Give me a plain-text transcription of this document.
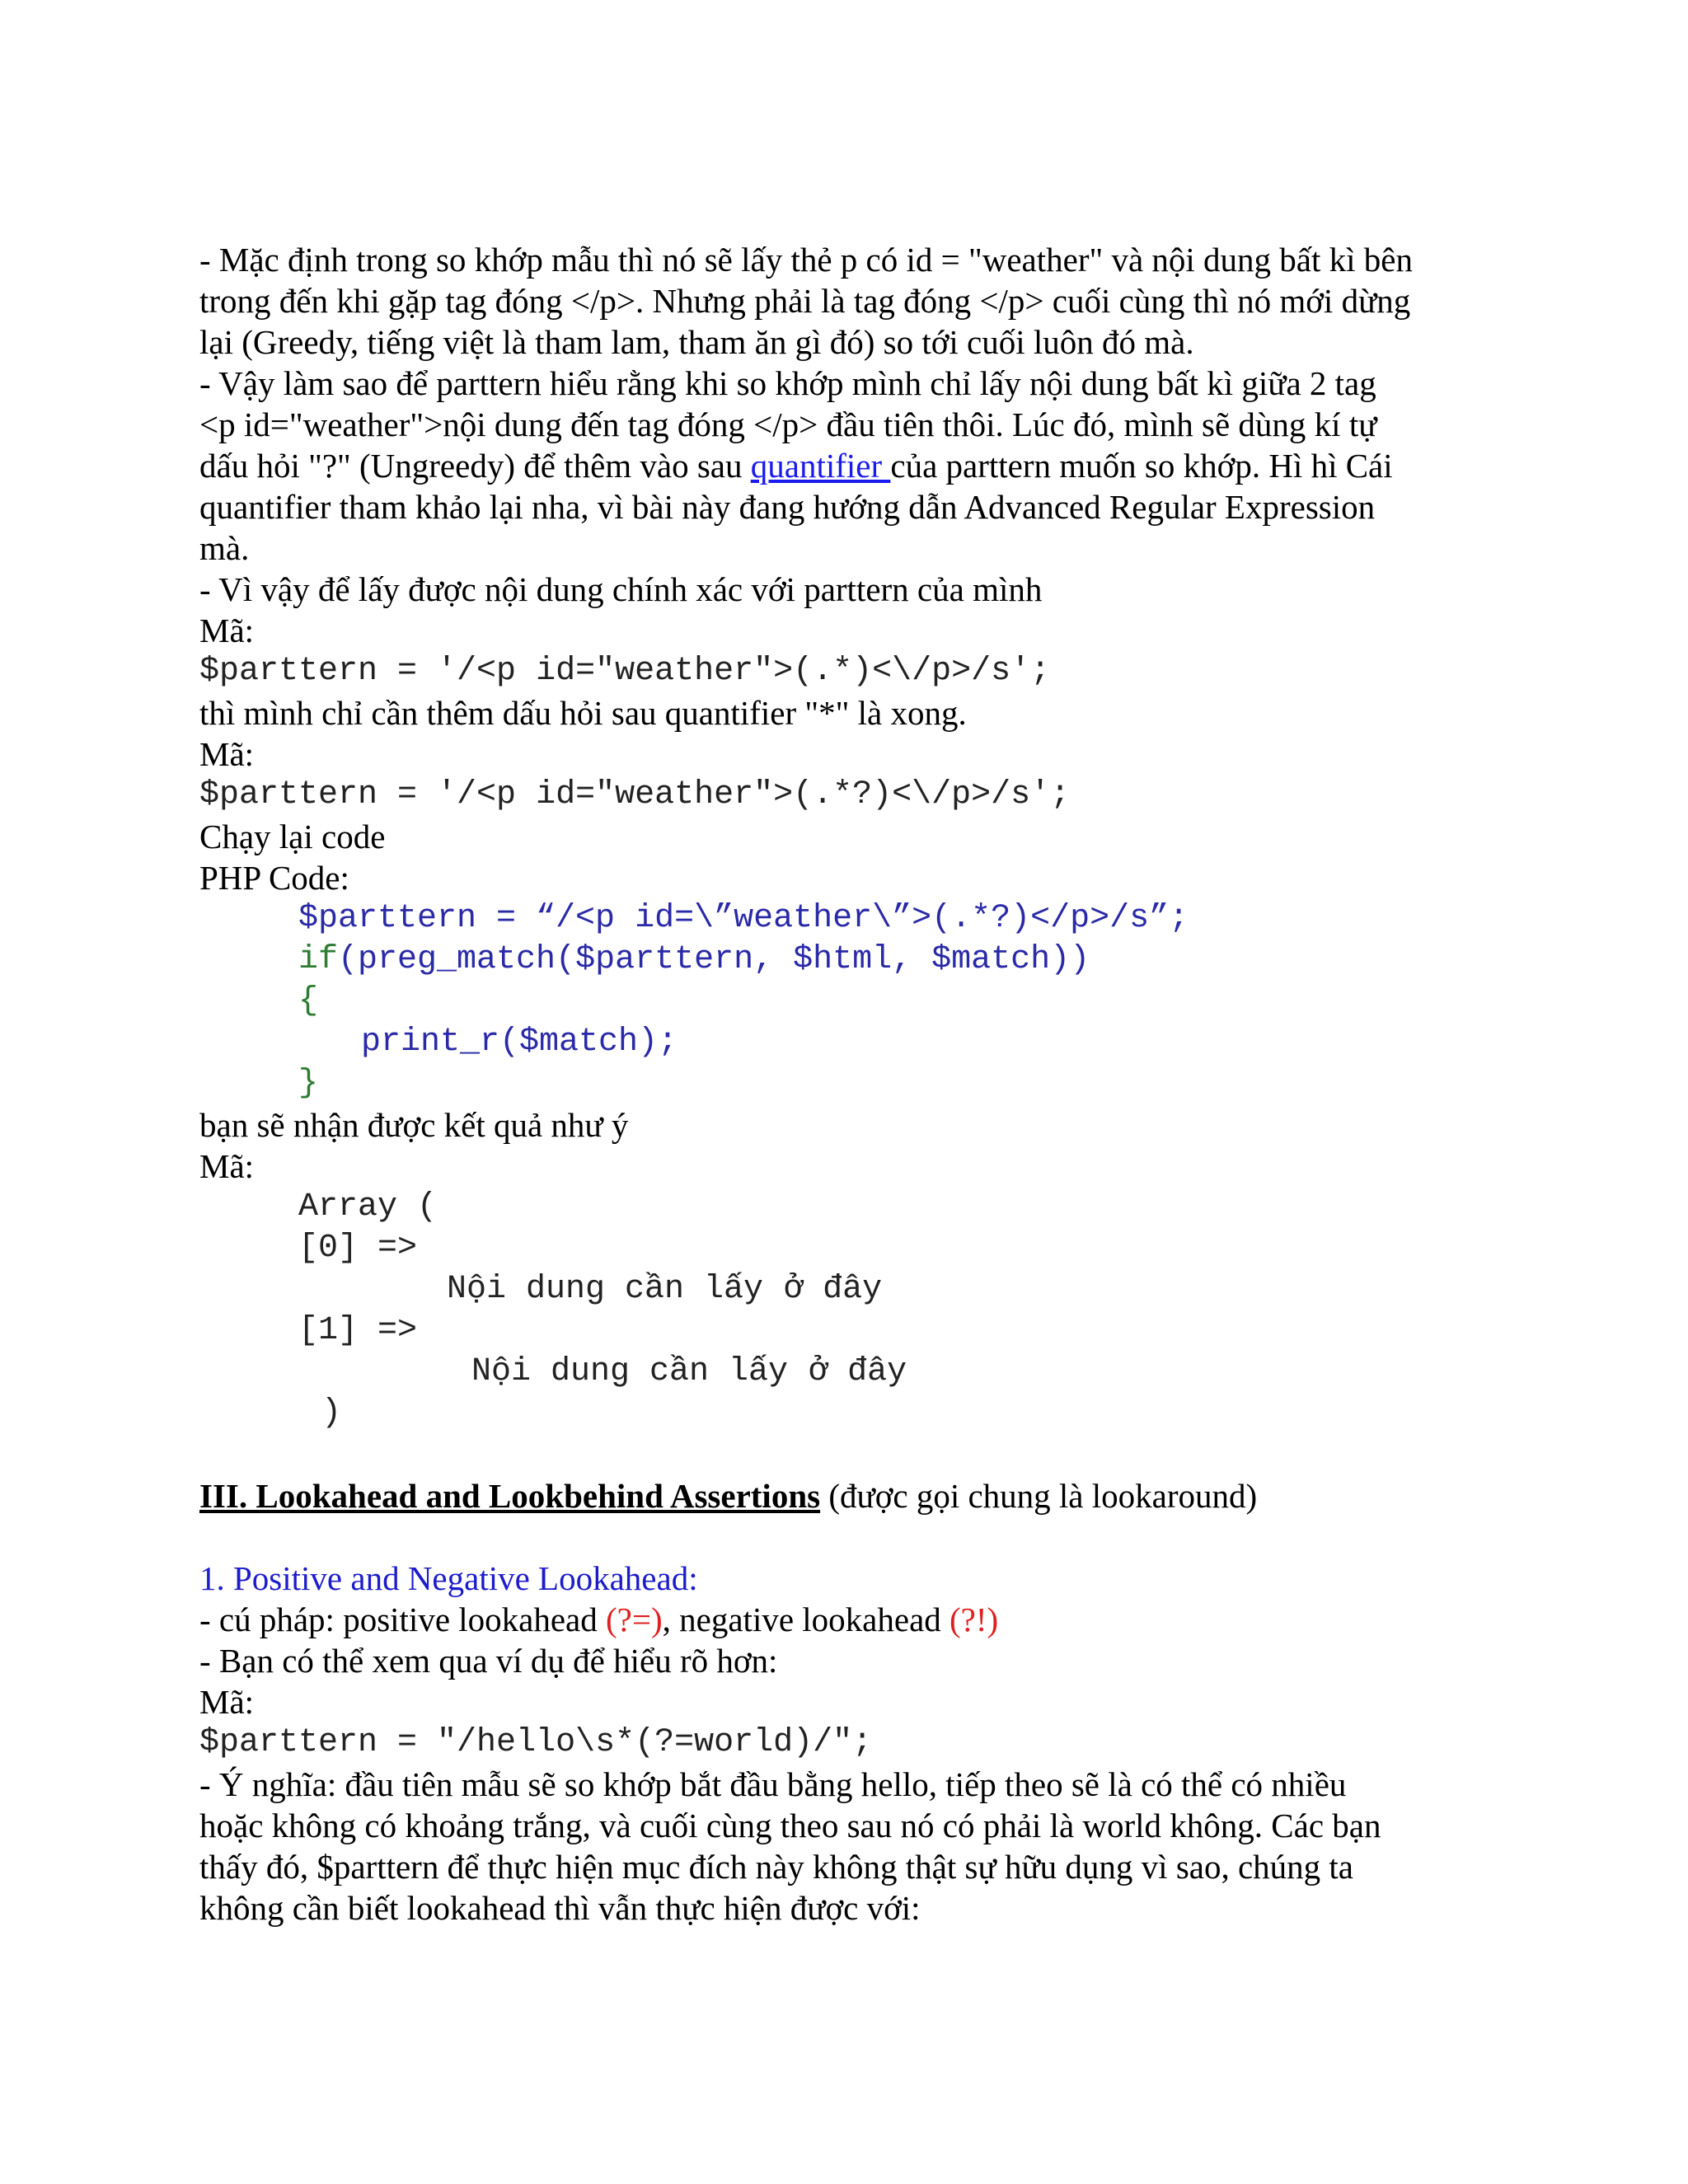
- Mặc định trong so khớp mẫu thì nó sẽ lấy thẻ p có id = "weather" và nội dung bất kì bên
trong đến khi gặp tag đóng </p>. Nhưng phải là tag đóng </p> cuối cùng thì nó mới dừng
lại (Greedy, tiếng việt là tham lam, tham ăn gì đó) so tới cuối luôn đó mà.
- Vậy làm sao để parttern hiểu rằng khi so khớp mình chỉ lấy nội dung bất kì giữa 2 tag
<p id="weather">nội dung đến tag đóng </p> đầu tiên thôi. Lúc đó, mình sẽ dùng kí tự
dấu hỏi "?" (Ungreedy) để thêm vào sau quantifier của parttern muốn so khớp. Hì hì Cái
quantifier tham khảo lại nha, vì bài này đang hướng dẫn Advanced Regular Expression
mà.
- Vì vậy để lấy được nội dung chính xác với parttern của mình
Mã:
$parttern = '/<p id="weather">(.*)<\/p>/s';
thì mình chỉ cần thêm dấu hỏi sau quantifier "*" là xong.
Mã:
$parttern = '/<p id="weather">(.*?)<\/p>/s';
Chạy lại code
PHP Code:
$parttern = “/<p id=\”weather\”>(.*?)</p>/s”;
if(preg_match($parttern, $html, $match))
{
print_r($match);
}
bạn sẽ nhận được kết quả như ý
Mã:
Array (
[0] =>
Nội dung cần lấy ở đây
[1] =>
Nội dung cần lấy ở đây
)
III. Lookahead and Lookbehind Assertions (được gọi chung là lookaround)
1. Positive and Negative Lookahead:
- cú pháp: positive lookahead (?=), negative lookahead (?!)
- Bạn có thể xem qua ví dụ để hiểu rõ hơn:
Mã:
$parttern = "/hello\s*(?=world)/";
- Ý nghĩa: đầu tiên mẫu sẽ so khớp bắt đầu bằng hello, tiếp theo sẽ là có thể có nhiều
hoặc không có khoảng trắng, và cuối cùng theo sau nó có phải là world không. Các bạn
thấy đó, $parttern để thực hiện mục đích này không thật sự hữu dụng vì sao, chúng ta
không cần biết lookahead thì vẫn thực hiện được với:
